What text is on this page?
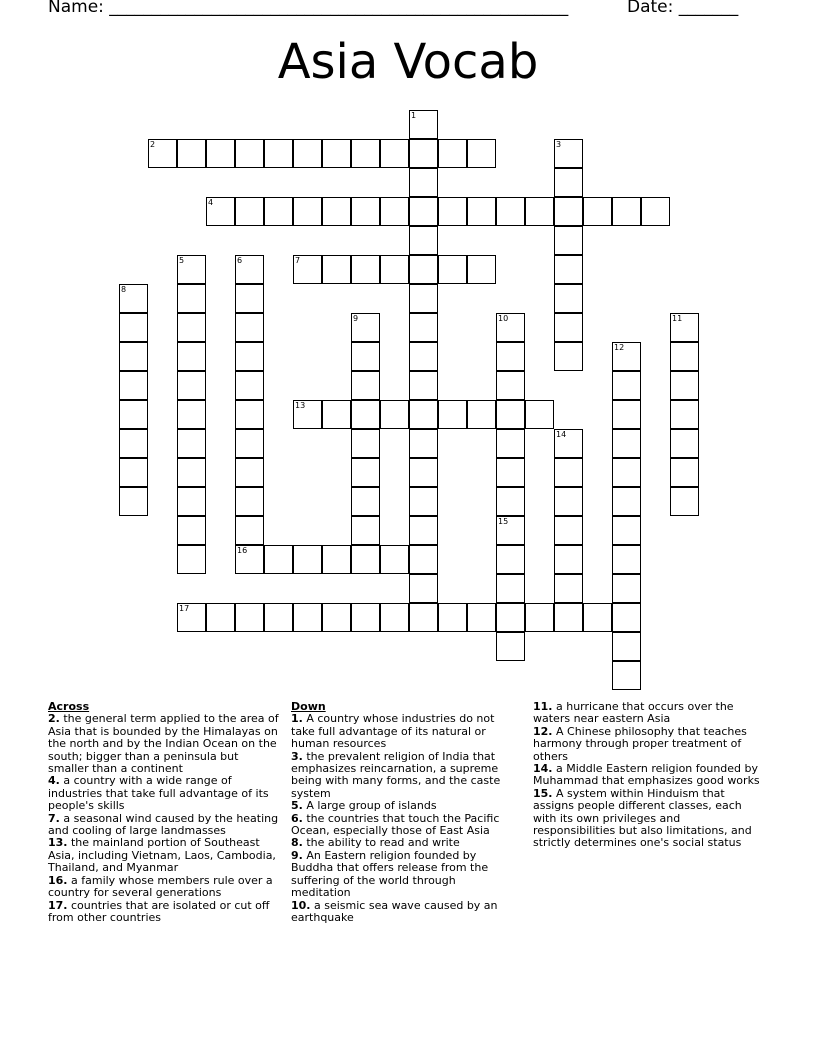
Name: ______________________________________________________	Date: _______
Asia Vocab
1
2	3
4
5	6	7
8
9	10	11
12
13
14
15
16
17
Across
2. the general term applied to the area of Asia that is bounded by the Himalayas on the north and by the Indian Ocean on the south; bigger than a peninsula but smaller than a continent
4. a country with a wide range of industries that take full advantage of its people's skills
7. a seasonal wind caused by the heating and cooling of large landmasses
13. the mainland portion of Southeast Asia, including Vietnam, Laos, Cambodia, Thailand, and Myanmar
16. a family whose members rule over a country for several generations
17. countries that are isolated or cut off from other countries
Down
1. A country whose industries do not take full advantage of its natural or human resources
3. the prevalent religion of India that emphasizes reincarnation, a supreme being with many forms, and the caste system
5. A large group of islands
6. the countries that touch the Pacific Ocean, especially those of East Asia
8. the ability to read and write
9. An Eastern religion founded by Buddha that offers release from the suffering of the world through meditation
10. a seismic sea wave caused by an earthquake
11. a hurricane that occurs over the waters near eastern Asia
12. A Chinese philosophy that teaches harmony through proper treatment of others
14. a Middle Eastern religion founded by Muhammad that emphasizes good works
15. A system within Hinduism that assigns people different classes, each with its own privileges and responsibilities but also limitations, and strictly determines one's social status
